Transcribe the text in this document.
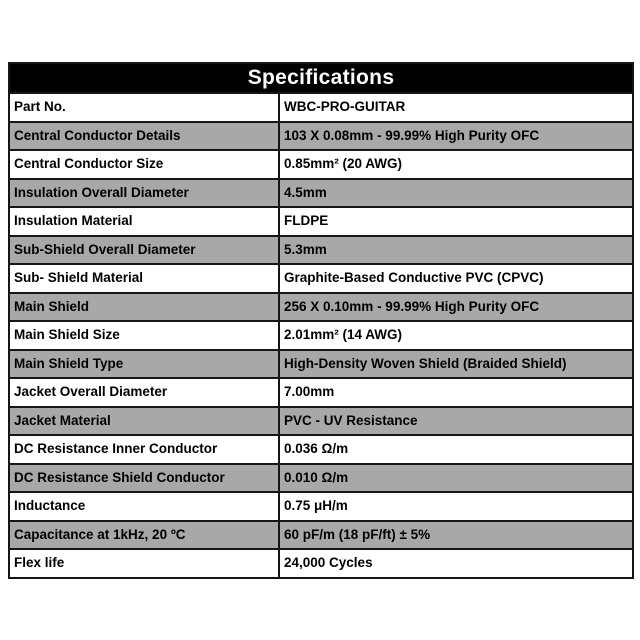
Specifications	
Part No.	WBC-PRO-GUITAR
Central Conductor Details	103 X 0.08mm - 99.99% High Purity OFC
Central Conductor Size	0.85mm² (20 AWG)
Insulation Overall Diameter	4.5mm
Insulation Material	FLDPE
Sub-Shield Overall Diameter	5.3mm
Sub- Shield Material	Graphite-Based Conductive PVC (CPVC)
Main Shield	256 X 0.10mm - 99.99% High Purity OFC
Main Shield Size	2.01mm² (14 AWG)
Main Shield Type	High-Density Woven Shield (Braided Shield)
Jacket Overall Diameter	7.00mm
Jacket Material	PVC - UV Resistance
DC Resistance Inner Conductor	0.036 Ω/m
DC Resistance Shield Conductor	0.010 Ω/m
Inductance	0.75 μH/m
Capacitance at 1kHz, 20 ºC	60 pF/m (18 pF/ft) ± 5%
Flex life	24,000 Cycles
